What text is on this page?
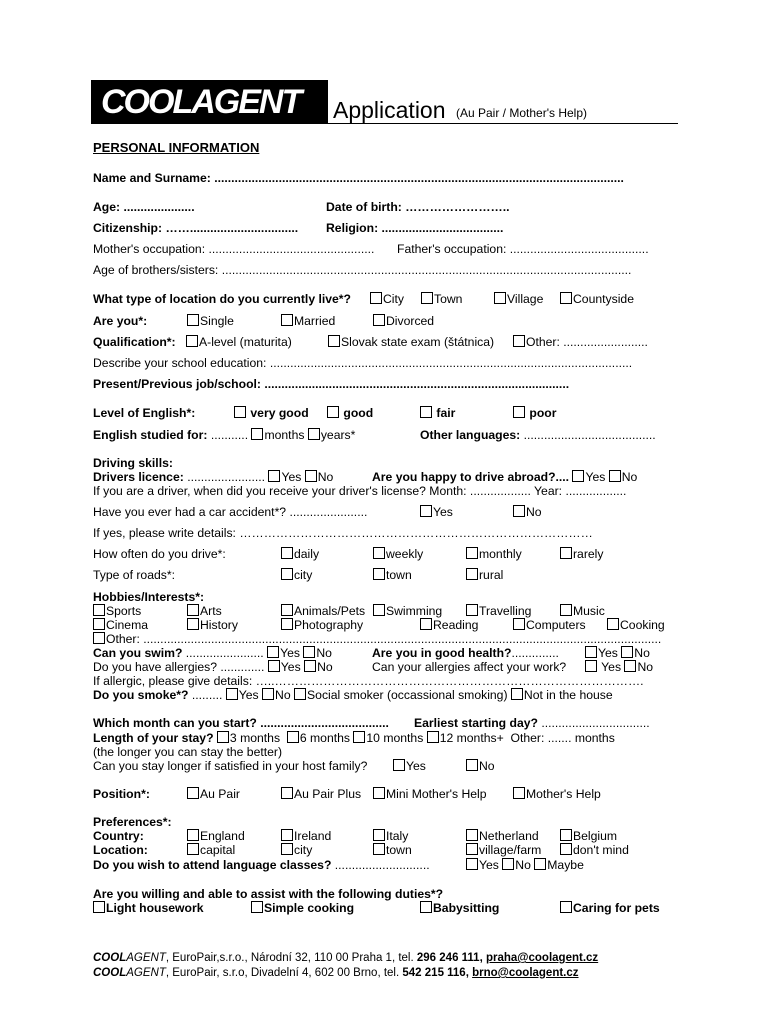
COOLAGENT Application (Au Pair / Mother's Help)
PERSONAL INFORMATION
Name and Surname: .........................................................................................................................
Age: .....................	Date of birth: ……………………..
Citizenship: ……................................ Religion: ....................................
Mother's occupation: ................................................. Father's occupation: .........................................
Age of brothers/sisters: .........................................................................................................................
What type of location do you currently live*?	City	Town	Village	Countyside
Are you*:	Single	Married	Divorced
Qualification*:	A-level (maturita)	Slovak state exam (štátnica)	Other: .........................
Describe your school education: ...........................................................................................................
Present/Previous job/school: ..........................................................................................
Level of English*:	very good	good	fair	poor
English studied for: ........... months years*	Other languages: .......................................
Driving skills:
Drivers licence: ....................... Yes No	Are you happy to drive abroad?.... Yes No
If you are a driver, when did you receive your driver's license? Month: .................. Year: ..................
Have you ever had a car accident*? .......................	Yes	No
If yes, please write details: ……………………………………………………………………………
How often do you drive*:	daily	weekly	monthly	rarely
Type of roads*:	city	town	rural
Hobbies/Interests*:
Sports	Arts	Animals/Pets	Swimming	Travelling	Music
Cinema	History	Photography	Reading	Computers	Cooking
Other: .........................................................................................................................................................
Can you swim? ....................... Yes No	Are you in good health?..............	Yes No
Do you have allergies? ............. Yes No	Can your allergies affect your work?	Yes No
If allergic, please give details: …..……………………………………………………………………………….
Do you smoke*? ......... Yes No Social smoker (occassional smoking) Not in the house
Which month can you start? ...................................... Earliest starting day? ................................
Length of your stay? 3 months 6 months 10 months 12 months+ Other: ....... months
(the longer you can stay the better)
Can you stay longer if satisfied in your host family?	Yes	No
Position*:	Au Pair	Au Pair Plus	Mini Mother's Help	Mother's Help
Preferences*:
Country:	England	Ireland	Italy	Netherland	Belgium
Location:	capital	city	town	village/farm	don't mind
Do you wish to attend language classes? ............................	Yes No Maybe
Are you willing and able to assist with the following duties*?
Light housework	Simple cooking	Babysitting	Caring for pets
COOLAGENT, EuroPair,s.r.o., Národní 32, 110 00 Praha 1, tel. 296 246 111, praha@coolagent.cz
COOLAGENT, EuroPair, s.r.o, Divadelní 4, 602 00 Brno, tel. 542 215 116, brno@coolagent.cz
